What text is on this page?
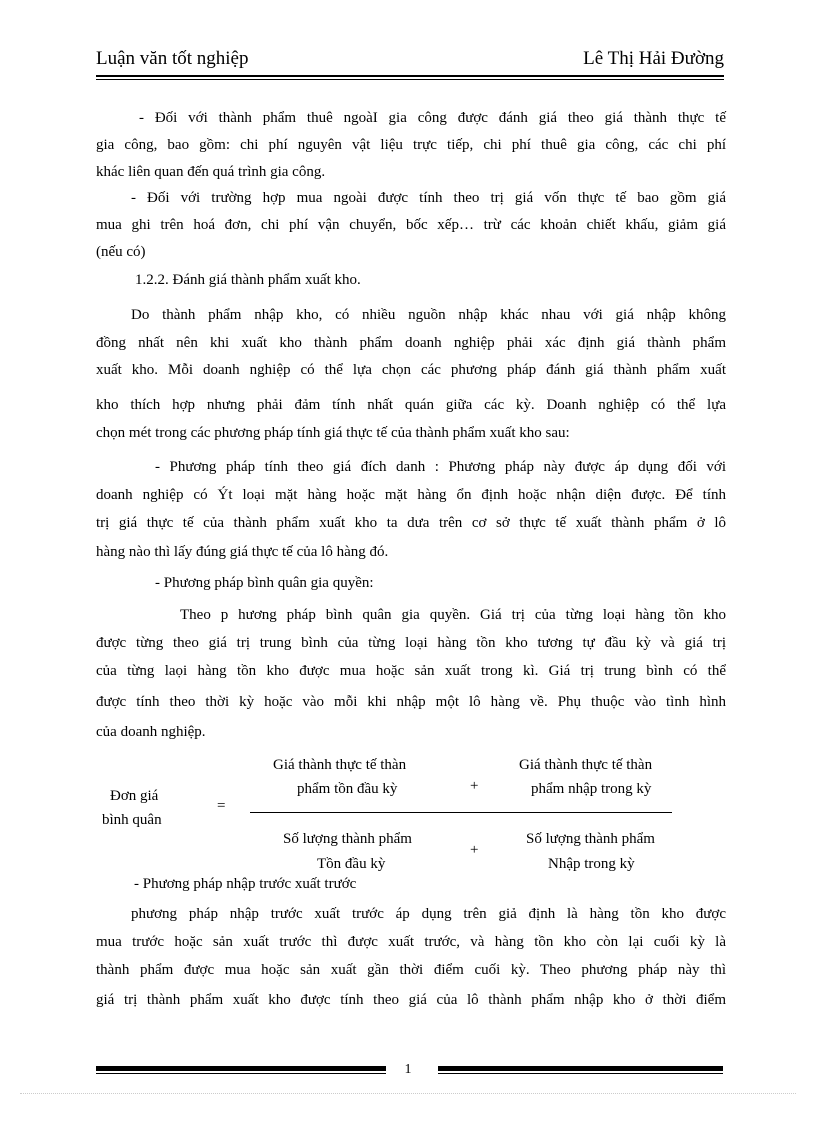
Luận văn tốt nghiệp	Lê Thị Hải Đường
- Đối với thành phẩm thuê ngoàI gia công được đánh giá theo giá thành thực tế
gia công, bao gồm: chi phí nguyên vật liệu trực tiếp, chi phí thuê gia công, các chi phí
khác liên quan đến quá trình gia công.
- Đối với trường hợp mua ngoài được tính theo trị giá vốn thực tế bao gồm giá
mua ghi trên hoá đơn, chi phí vận chuyển, bốc xếp… trừ các khoản chiết khấu, giảm giá
(nếu có)
1.2.2. Đánh giá thành phẩm xuất kho.
Do thành phẩm nhập kho, có nhiều nguồn nhập khác nhau với giá nhập không
đồng nhất nên khi xuất kho thành phẩm doanh nghiệp phải xác định giá thành phẩm
xuất kho. Mỗi doanh nghiệp có thể lựa chọn các phương pháp đánh giá thành phẩm xuất
kho thích hợp nhưng phải đảm tính nhất quán giữa các kỳ. Doanh nghiệp có thể lựa
chọn mét trong các phương pháp tính giá thực tế của thành phẩm xuất kho sau:
- Phương pháp tính theo giá đích danh : Phương pháp này được áp dụng đối với
doanh nghiệp có Ýt loại mặt hàng hoặc mặt hàng ổn định hoặc nhận diện được. Để tính
trị giá thực tế của thành phẩm xuất kho ta dưa trên cơ sở thực tế xuất thành phẩm ở lô
hàng nào thì lấy đúng giá thực tế của lô hàng đó.
- Phương pháp bình quân gia quyền:
Theo p hương pháp bình quân gia quyền. Giá trị của từng loại hàng tồn kho
được từng theo giá trị trung bình của từng loại hàng tồn kho tương tự đầu kỳ và giá trị
của từng laọi hàng tồn kho được mua hoặc sản xuất trong kì. Giá trị trung bình có thể
được tính theo thời kỳ hoặc vào mỗi khi nhập một lô hàng về. Phụ thuộc vào tình hình
của doanh nghiệp.
Đơn giá
bình quân
=
Giá thành thực tế thàn
phẩm tồn đầu kỳ	+
Giá thành thực tế thàn
phẩm nhập trong kỳ
Số lượng thành phẩm
Tồn đầu kỳ
+
Số lượng thành phẩm
Nhập trong kỳ
- Phương pháp nhập trước xuất trước
phương pháp nhập trước xuất trước áp dụng trên giả định là hàng tồn kho được
mua trước hoặc sản xuất trước thì được xuất trước, và hàng tồn kho còn lại cuối kỳ là
thành phẩm được mua hoặc sản xuất gần thời điểm cuối kỳ. Theo phương pháp này thì
giá trị thành phẩm xuất kho được tính theo giá của lô thành phẩm nhập kho ở thời điểm
1
